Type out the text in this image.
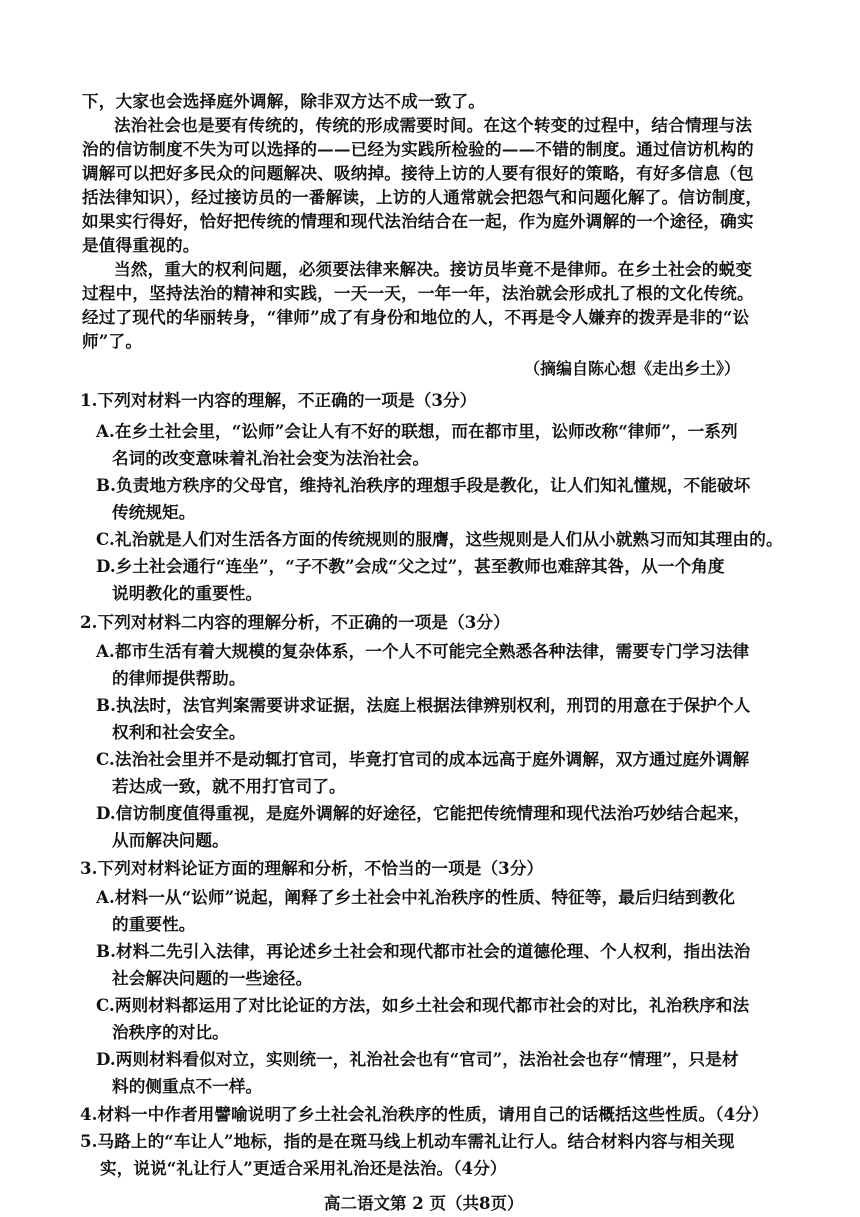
下，大家也会选择庭外调解，除非双方达不成一致了。
法治社会也是要有传统的，传统的形成需要时间。在这个转变的过程中，结合情理与法
治的信访制度不失为可以选择的——已经为实践所检验的——不错的制度。通过信访机构的
调解可以把好多民众的问题解决、吸纳掉。接待上访的人要有很好的策略，有好多信息（包
括法律知识），经过接访员的一番解读，上访的人通常就会把怨气和问题化解了。信访制度，
如果实行得好，恰好把传统的情理和现代法治结合在一起，作为庭外调解的一个途径，确实
是值得重视的。
当然，重大的权利问题，必须要法律来解决。接访员毕竟不是律师。在乡土社会的蜕变
过程中，坚持法治的精神和实践，一天一天，一年一年，法治就会形成扎了根的文化传统。
经过了现代的华丽转身，“律师”成了有身份和地位的人，不再是令人嫌弃的拨弄是非的“讼
师”了。
（摘编自陈心想《走出乡土》）
1.下列对材料一内容的理解，不正确的一项是（3分）
A.在乡土社会里，“讼师”会让人有不好的联想，而在都市里，讼师改称“律师”，一系列
名词的改变意味着礼治社会变为法治社会。
B.负责地方秩序的父母官，维持礼治秩序的理想手段是教化，让人们知礼懂规，不能破坏
传统规矩。
C.礼治就是人们对生活各方面的传统规则的服膺，这些规则是人们从小就熟习而知其理由的。
D.乡土社会通行“连坐”，“子不教”会成“父之过”，甚至教师也难辞其咎，从一个角度
说明教化的重要性。
2.下列对材料二内容的理解分析，不正确的一项是（3分）
A.都市生活有着大规模的复杂体系，一个人不可能完全熟悉各种法律，需要专门学习法律
的律师提供帮助。
B.执法时，法官判案需要讲求证据，法庭上根据法律辨别权利，刑罚的用意在于保护个人
权利和社会安全。
C.法治社会里并不是动辄打官司，毕竟打官司的成本远高于庭外调解，双方通过庭外调解
若达成一致，就不用打官司了。
D.信访制度值得重视，是庭外调解的好途径，它能把传统情理和现代法治巧妙结合起来，
从而解决问题。
3.下列对材料论证方面的理解和分析，不恰当的一项是（3分）
A.材料一从“讼师”说起，阐释了乡土社会中礼治秩序的性质、特征等，最后归结到教化
的重要性。
B.材料二先引入法律，再论述乡土社会和现代都市社会的道德伦理、个人权利，指出法治
社会解决问题的一些途径。
C.两则材料都运用了对比论证的方法，如乡土社会和现代都市社会的对比，礼治秩序和法
治秩序的对比。
D.两则材料看似对立，实则统一，礼治社会也有“官司”，法治社会也存“情理”，只是材
料的侧重点不一样。
4.材料一中作者用譬喻说明了乡土社会礼治秩序的性质，请用自己的话概括这些性质。（4分）
5.马路上的“车让人”地标，指的是在斑马线上机动车需礼让行人。结合材料内容与相关现
实，说说“礼让行人”更适合采用礼治还是法治。（4分）
高二语文第 2 页（共8页）
